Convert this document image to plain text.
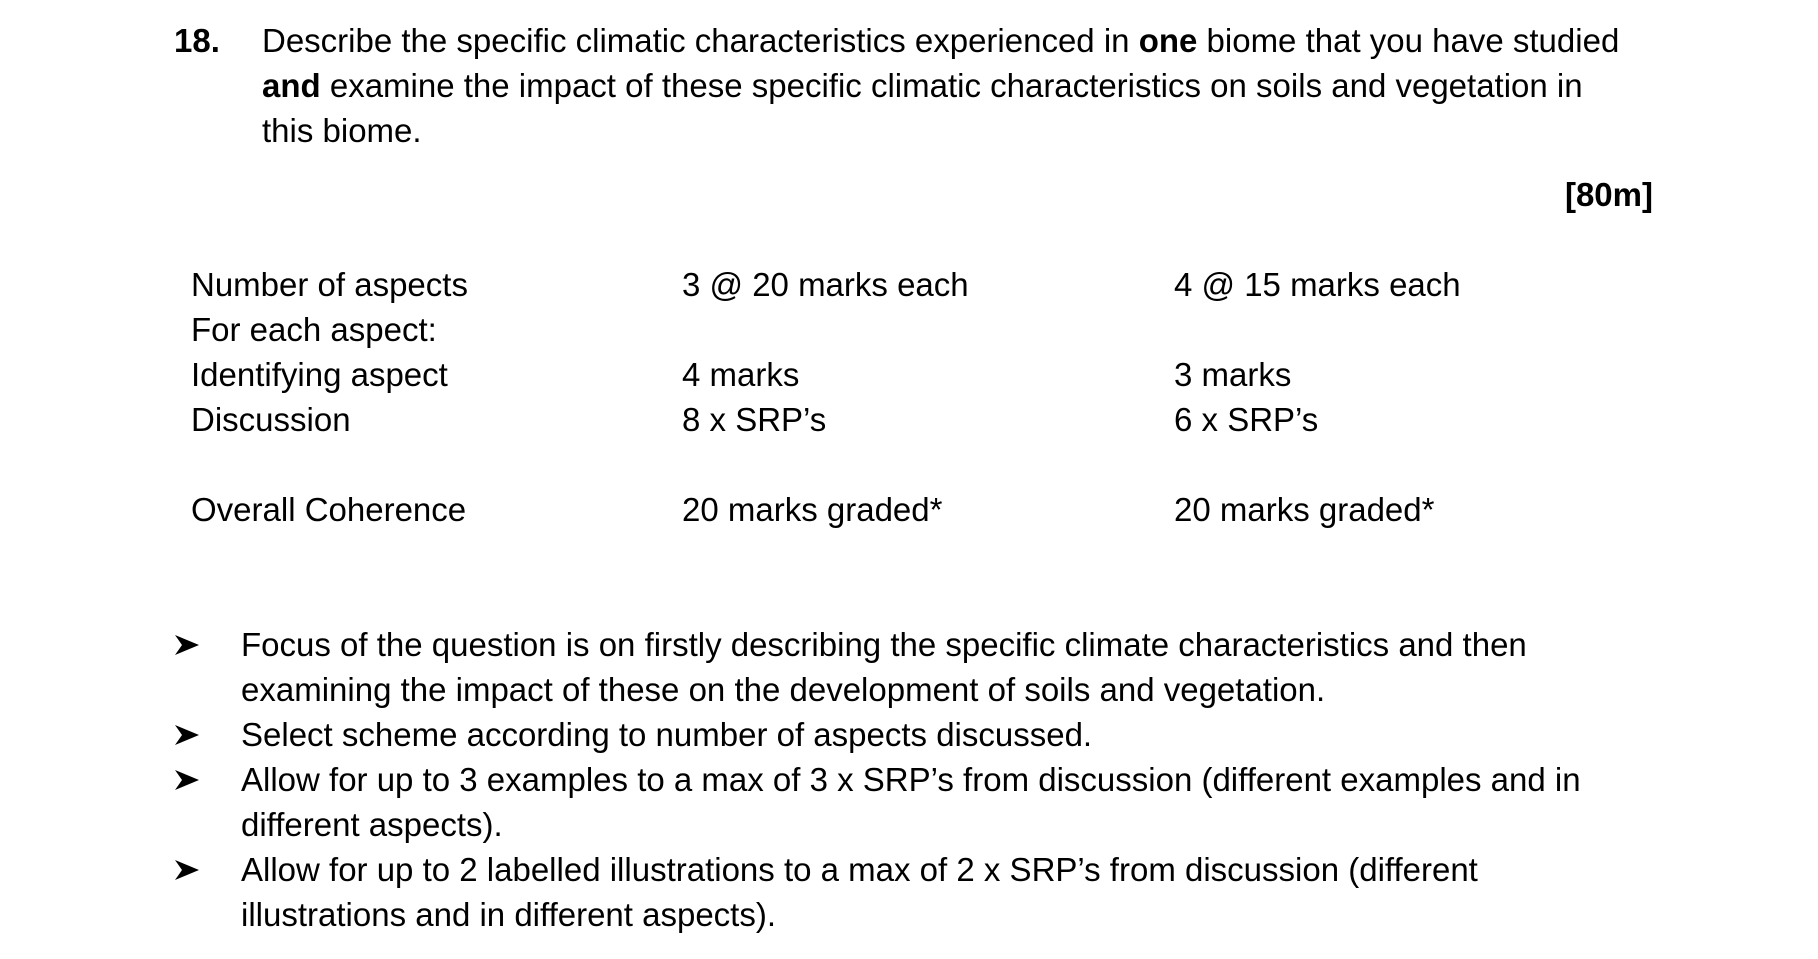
18. Describe the specific climatic characteristics experienced in one biome that you have studied
and examine the impact of these specific climatic characteristics on soils and vegetation in
this biome.
[80m]
Number of aspects	3 @ 20 marks each	4 @ 15 marks each
For each aspect:
Identifying aspect	4 marks	3 marks
Discussion	8 x SRP’s	6 x SRP’s
Overall Coherence	20 marks graded*	20 marks graded*
Focus of the question is on firstly describing the specific climate characteristics and then
examining the impact of these on the development of soils and vegetation.
Select scheme according to number of aspects discussed.
Allow for up to 3 examples to a max of 3 x SRP’s from discussion (different examples and in
different aspects).
Allow for up to 2 labelled illustrations to a max of 2 x SRP’s from discussion (different
illustrations and in different aspects).
